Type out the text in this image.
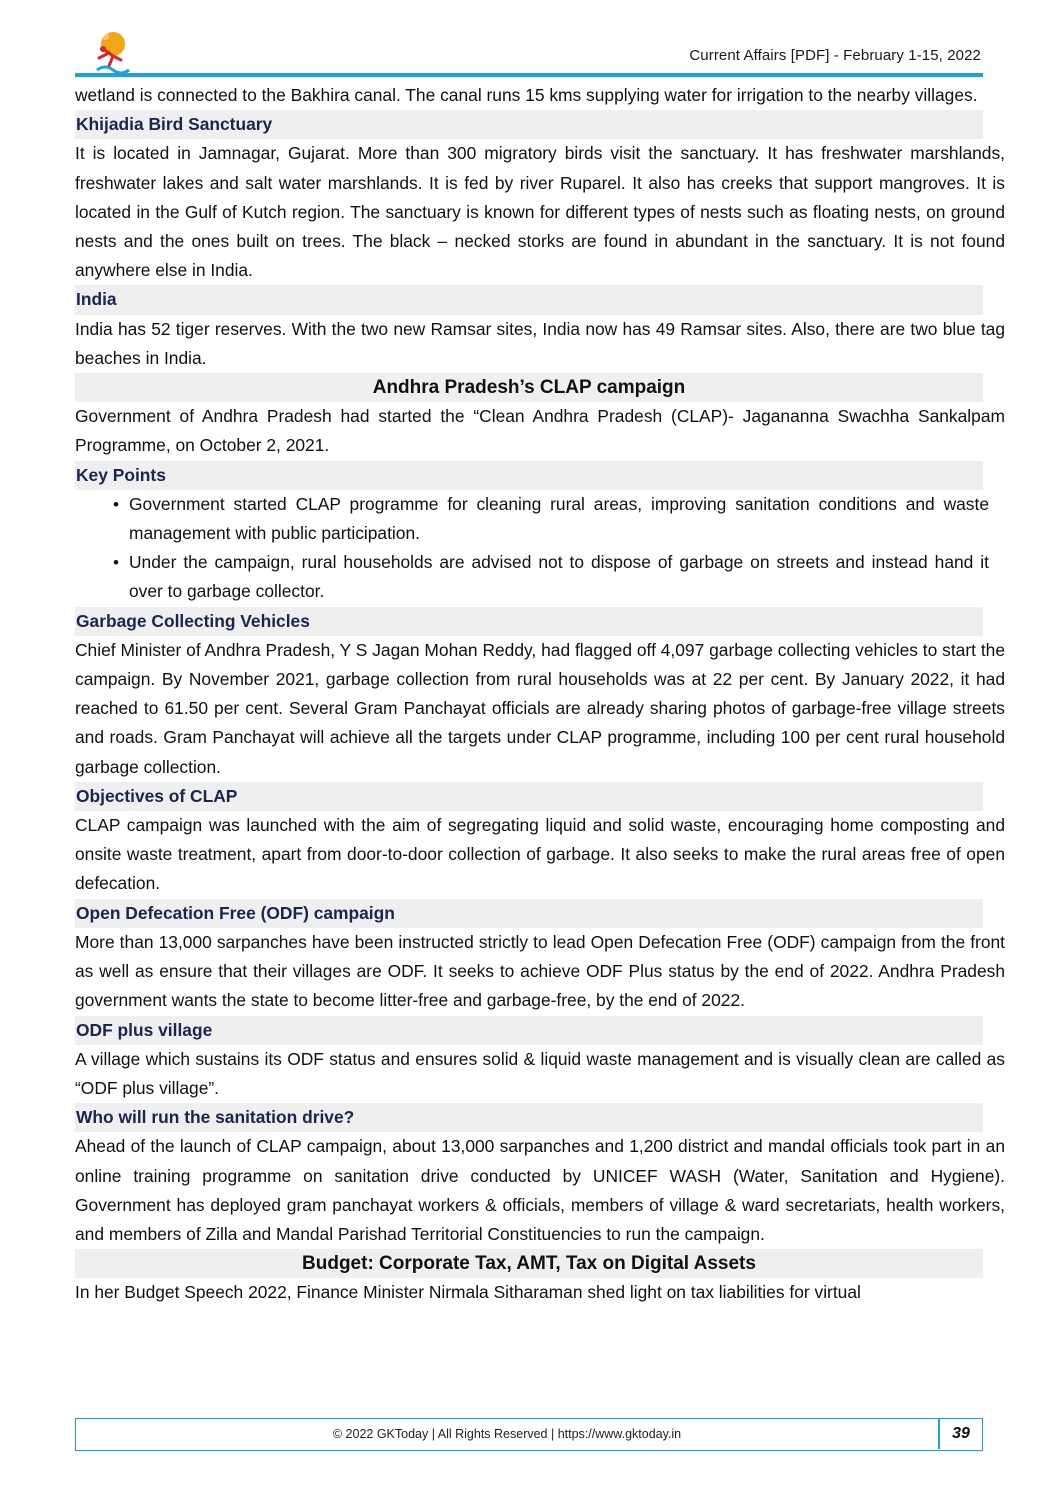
Current Affairs [PDF] - February 1-15, 2022

wetland is connected to the Bakhira canal. The canal runs 15 kms supplying water for irrigation to the nearby villages.

Khijadia Bird Sanctuary

It is located in Jamnagar, Gujarat. More than 300 migratory birds visit the sanctuary. It has freshwater marshlands, freshwater lakes and salt water marshlands. It is fed by river Ruparel. It also has creeks that support mangroves. It is located in the Gulf of Kutch region. The sanctuary is known for different types of nests such as floating nests, on ground nests and the ones built on trees. The black – necked storks are found in abundant in the sanctuary. It is not found anywhere else in India.

India

India has 52 tiger reserves. With the two new Ramsar sites, India now has 49 Ramsar sites. Also, there are two blue tag beaches in India.

Andhra Pradesh’s CLAP campaign

Government of Andhra Pradesh had started the “Clean Andhra Pradesh (CLAP)- Jagananna Swachha Sankalpam Programme, on October 2, 2021.

Key Points
• Government started CLAP programme for cleaning rural areas, improving sanitation conditions and waste management with public participation.
• Under the campaign, rural households are advised not to dispose of garbage on streets and instead hand it over to garbage collector.
Garbage Collecting Vehicles

Chief Minister of Andhra Pradesh, Y S Jagan Mohan Reddy, had flagged off 4,097 garbage collecting vehicles to start the campaign. By November 2021, garbage collection from rural households was at 22 per cent. By January 2022, it had reached to 61.50 per cent. Several Gram Panchayat officials are already sharing photos of garbage-free village streets and roads. Gram Panchayat will achieve all the targets under CLAP programme, including 100 per cent rural household garbage collection.

Objectives of CLAP

CLAP campaign was launched with the aim of segregating liquid and solid waste, encouraging home composting and onsite waste treatment, apart from door-to-door collection of garbage. It also seeks to make the rural areas free of open defecation.

Open Defecation Free (ODF) campaign

More than 13,000 sarpanches have been instructed strictly to lead Open Defecation Free (ODF) campaign from the front as well as ensure that their villages are ODF. It seeks to achieve ODF Plus status by the end of 2022. Andhra Pradesh government wants the state to become litter-free and garbage-free, by the end of 2022.

ODF plus village

A village which sustains its ODF status and ensures solid & liquid waste management and is visually clean are called as “ODF plus village”.

Who will run the sanitation drive?

Ahead of the launch of CLAP campaign, about 13,000 sarpanches and 1,200 district and mandal officials took part in an online training programme on sanitation drive conducted by UNICEF WASH (Water, Sanitation and Hygiene). Government has deployed gram panchayat workers & officials, members of village & ward secretariats, health workers, and members of Zilla and Mandal Parishad Territorial Constituencies to run the campaign.

Budget: Corporate Tax, AMT, Tax on Digital Assets

In her Budget Speech 2022, Finance Minister Nirmala Sitharaman shed light on tax liabilities for virtual

© 2022 GKToday | All Rights Reserved | https://www.gktoday.in	39
